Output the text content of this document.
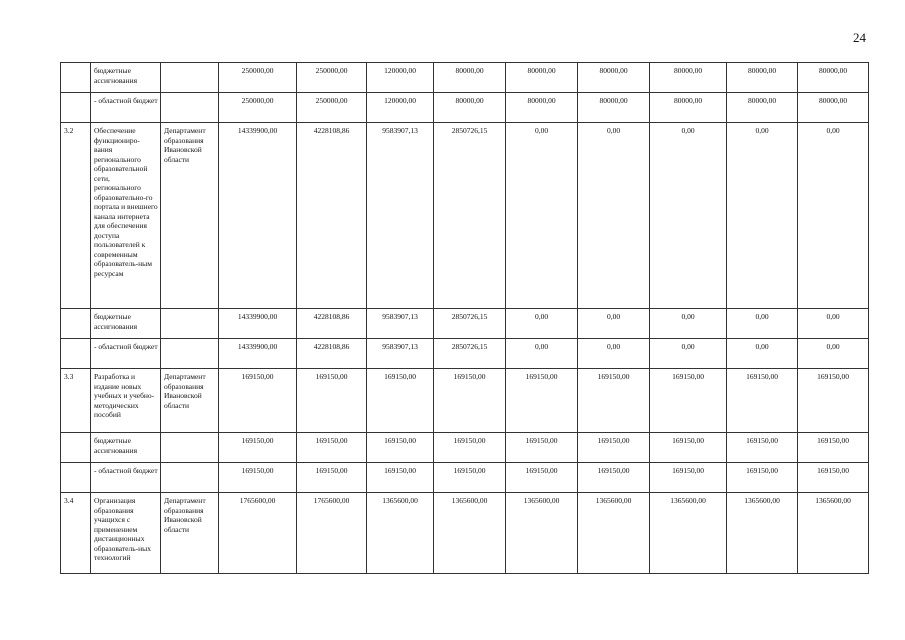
24
	бюджетные ассигнования		250000,00	250000,00	120000,00	80000,00	80000,00	80000,00	80000,00	80000,00	80000,00
	- областной бюджет		250000,00	250000,00	120000,00	80000,00	80000,00	80000,00	80000,00	80000,00	80000,00
3.2	Обеспечение функциониро-вания регионального образовательной сети, регионального образовательно-го портала и внешнего канала интернета для обеспечения доступа пользователей к современным образователь-ным ресурсам	Департамент образования Ивановской области	14339900,00	4228108,86	9583907,13	2850726,15	0,00	0,00	0,00	0,00	0,00
	бюджетные ассигнования		14339900,00	4228108,86	9583907,13	2850726,15	0,00	0,00	0,00	0,00	0,00
	- областной бюджет		14339900,00	4228108,86	9583907,13	2850726,15	0,00	0,00	0,00	0,00	0,00
3.3	Разработка и издание новых учебных и учебно-методических пособий	Департамент образования Ивановской области	169150,00	169150,00	169150,00	169150,00	169150,00	169150,00	169150,00	169150,00	169150,00
	бюджетные ассигнования		169150,00	169150,00	169150,00	169150,00	169150,00	169150,00	169150,00	169150,00	169150,00
	- областной бюджет		169150,00	169150,00	169150,00	169150,00	169150,00	169150,00	169150,00	169150,00	169150,00
3.4	Организация образования учащихся с применением дистанционных образователь-ных технологий	Департамент образования Ивановской области	1765600,00	1765600,00	1365600,00	1365600,00	1365600,00	1365600,00	1365600,00	1365600,00	1365600,00
